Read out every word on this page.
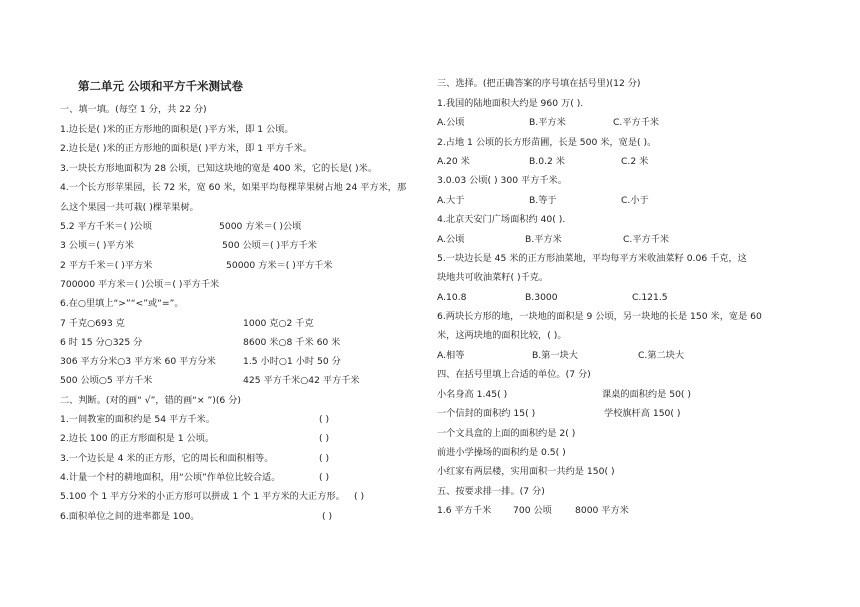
第二单元 公顷和平方千米测试卷
一、填一填。(每空 1 分，共 22 分)
1.边长是( )米的正方形地的面积是( )平方米，即 1 公顷。
2.边长是( )米的正方形地的面积是( )平方米，即 1 平方千米。
3.一块长方形地面积为 28 公顷，已知这块地的宽是 400 米，它的长是( )米。
4.一个长方形苹果园，长 72 米，宽 60 米，如果平均每棵苹果树占地 24 平方米，那
么这个果园一共可栽( )棵苹果树。
5.2 平方千米＝( )公顷	5000 方米＝( )公顷
3 公顷＝( )平方米	500 公顷＝( )平方千米
2 平方千米＝( )平方米	50000 方米＝( )平方千米
700000 平方米＝( )公顷＝( )平方千米
6.在○里填上“>”“<”或“=”。
7 千克○693 克	1000 克○2 千克
6 时 15 分○325 分	8600 米○8 千米 60 米
306 平方分米○3 平方米 60 平方分米	1.5 小时○1 小时 50 分
500 公顷○5 平方千米	425 平方千米○42 平方千米
二、判断。(对的画“ √”，错的画“× ”)(6 分)
1.一间教室的面积约是 54 平方千米。	( )
2.边长 100 的正方形面积是 1 公顷。	( )
3.一个边长是 4 米的正方形，它的周长和面积相等。	( )
4.计量一个村的耕地面积，用“公顷”作单位比较合适。	( )
5.100 个 1 平方分米的小正方形可以拼成 1 个 1 平方米的大正方形。 ( )
6.面积单位之间的进率都是 100。	( )
三、选择。(把正确答案的序号填在括号里)(12 分)
1.我国的陆地面积大约是 960 万( ).
A.公顷	B.平方米	C.平方千米
2.占地 1 公顷的长方形苗圃，长是 500 米，宽是( )。
A.20 米	B.0.2 米	C.2 米
3.0.03 公顷( ) 300 平方千米。
A.大于	B.等于	C.小于
4.北京天安门广场面积约 40( ).
A.公顷	B.平方米	C.平方千米
5.一块边长是 45 米的正方形油菜地，平均每平方米收油菜籽 0.06 千克，这
块地共可收油菜籽( )千克。
A.10.8	B.3000	C.121.5
6.两块长方形的地，一块地的面积是 9 公顷，另一块地的长是 150 米，宽是 60
米，这两块地的面积比较，( )。
A.相等	B.第一块大	C.第二块大
四、在括号里填上合适的单位。(7 分)
小名身高 1.45( )	课桌的面积约是 50( )
一个信封的面积约 15( )	学校旗杆高 150( )
一个文具盒的上面的面积约是 2( )
前进小学操场的面积约是 0.5( )
小红家有两层楼，实用面积一共约是 150( )
五、按要求排一排。(7 分)
1.6 平方千米 700 公顷	8000 平方米
